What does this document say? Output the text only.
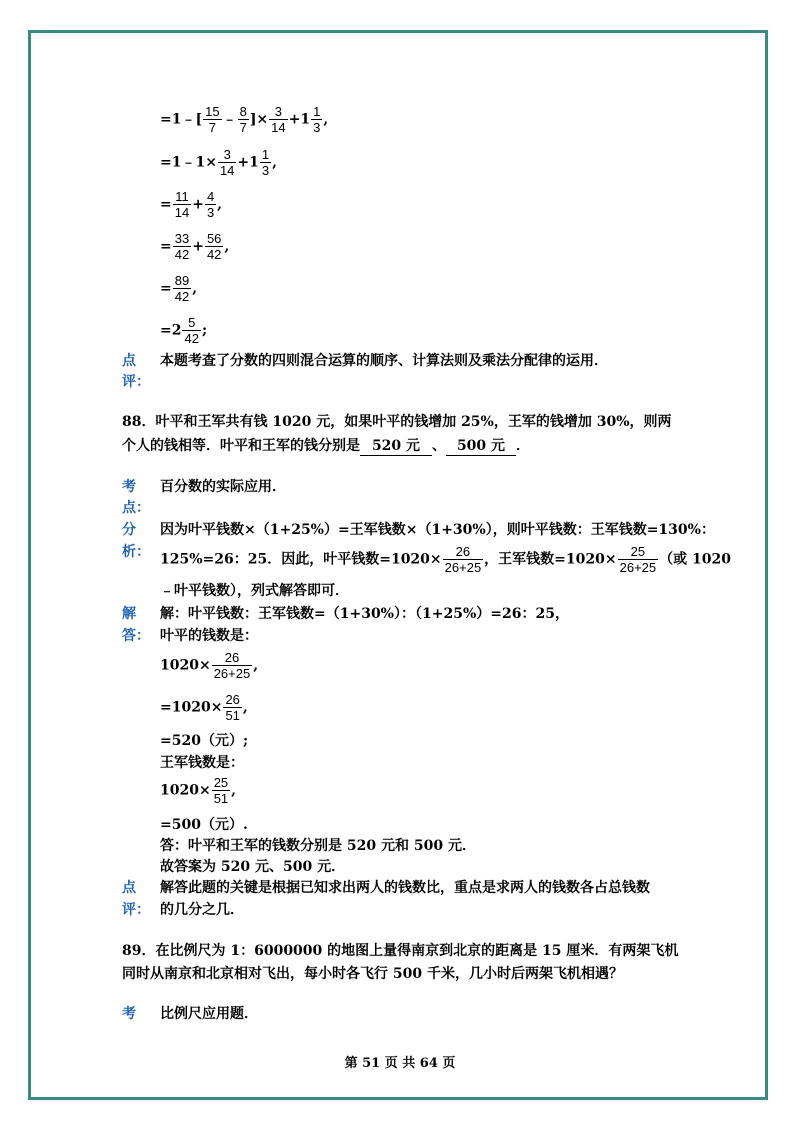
=1﹣[ $\frac{15}{7}$ ﹣ $\frac{8}{7}$ ]× $\frac{3}{14} +1 \frac{1}{3}$ ,
=1﹣1× $\frac{3}{14} +1 \frac{1}{3}$ ,
= $\frac{11}{14} + \frac{4}{3}$ ,
= $\frac{33}{42} + \frac{56}{42}$ ,
= $\frac{89}{42}$ ,
$=2 \frac{5}{42}$ ;
点
评：
本题考查了分数的四则混合运算的顺序、计算法则及乘法分配律的运用．
88．叶平和王军共有钱 1020 元，如果叶平的钱增加 25%，王军的钱增加 30%，则两
个人的钱相等．叶平和王军的钱分别是 520 元 、 500 元 ．
考
点：
百分数的实际应用．
分
析：
因为叶平钱数×（1+25%）=王军钱数×（1+30%），则叶平钱数：王军钱数=130%：
125%=26：25．因此，叶平钱数$=1020\times \frac{26}{26+25}$ ，王军钱数$=1020\times \frac{25}{26+25}$ （或 1020
﹣叶平钱数），列式解答即可．
解
答：
解：叶平钱数：王军钱数=（1+30%）：（1+25%）=26：25，
叶平的钱数是：
$1020\times \frac{26}{26+25}$ ,
$=1020\times \frac{26}{51}$ ,
=520（元）;
王军钱数是：
$1020\times \frac{25}{51}$ ,
=500（元）.
答：叶平和王军的钱数分别是 520 元和 500 元．
故答案为 520 元、500 元．
点
评：
解答此题的关键是根据已知求出两人的钱数比，重点是求两人的钱数各占总钱数
的几分之几．
89．在比例尺为 1：6000000 的地图上量得南京到北京的距离是 15 厘米．有两架飞机
同时从南京和北京相对飞出，每小时各飞行 500 千米，几小时后两架飞机相遇？
考 比例尺应用题．
第 51 页 共 64 页
